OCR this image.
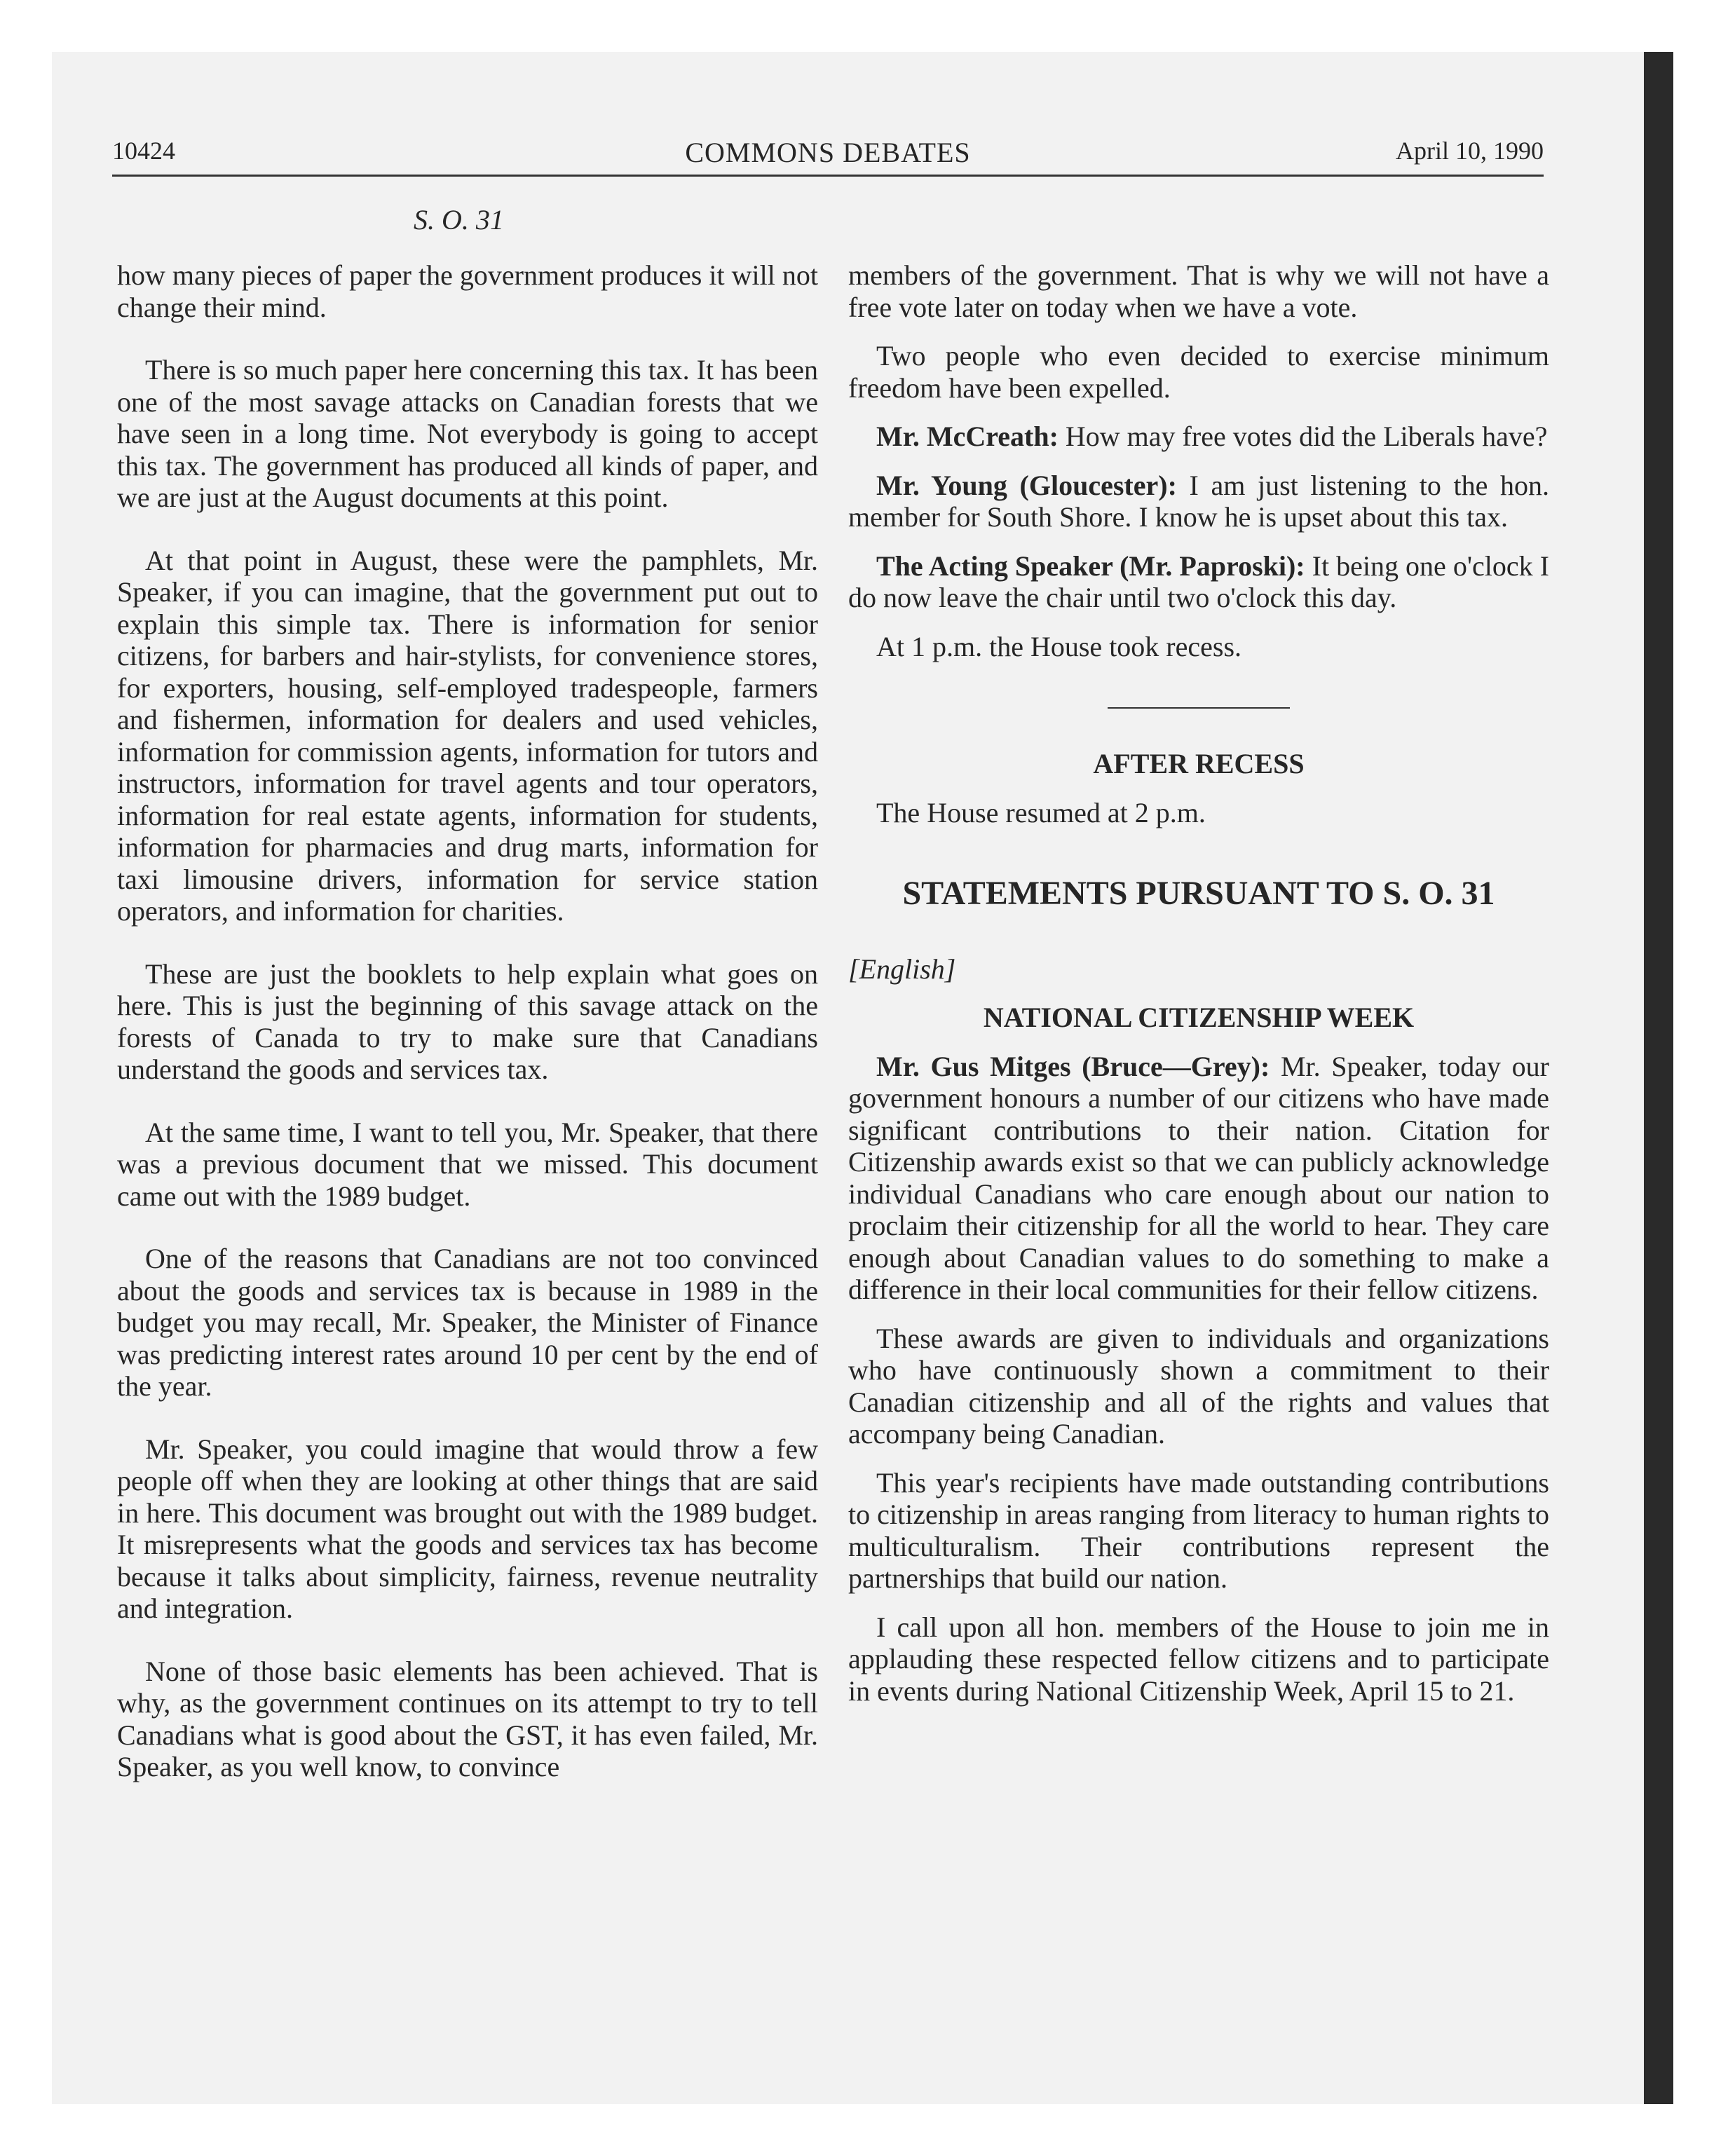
10424	COMMONS DEBATES	April 10, 1990
S. O. 31

how many pieces of paper the government produces it will not change their mind.

There is so much paper here concerning this tax. It has been one of the most savage attacks on Canadian forests that we have seen in a long time. Not everybody is going to accept this tax. The government has produced all kinds of paper, and we are just at the August documents at this point.

At that point in August, these were the pamphlets, Mr. Speaker, if you can imagine, that the government put out to explain this simple tax. There is information for senior citizens, for barbers and hair-stylists, for convenience stores, for exporters, housing, self-employed tradespeople, farmers and fishermen, information for dealers and used vehicles, information for commission agents, information for tutors and instructors, information for travel agents and tour operators, information for real estate agents, information for students, information for pharmacies and drug marts, information for taxi limousine drivers, information for service station operators, and information for charities.

These are just the booklets to help explain what goes on here. This is just the beginning of this savage attack on the forests of Canada to try to make sure that Canadians understand the goods and services tax.

At the same time, I want to tell you, Mr. Speaker, that there was a previous document that we missed. This document came out with the 1989 budget.

One of the reasons that Canadians are not too convinced about the goods and services tax is because in 1989 in the budget you may recall, Mr. Speaker, the Minister of Finance was predicting interest rates around 10 per cent by the end of the year.

Mr. Speaker, you could imagine that would throw a few people off when they are looking at other things that are said in here. This document was brought out with the 1989 budget. It misrepresents what the goods and services tax has become because it talks about simplicity, fairness, revenue neutrality and integration.

None of those basic elements has been achieved. That is why, as the government continues on its attempt to try to tell Canadians what is good about the GST, it has even failed, Mr. Speaker, as you well know, to convince

members of the government. That is why we will not have a free vote later on today when we have a vote.

Two people who even decided to exercise minimum freedom have been expelled.

Mr. McCreath: How may free votes did the Liberals have?

Mr. Young (Gloucester): I am just listening to the hon. member for South Shore. I know he is upset about this tax.

The Acting Speaker (Mr. Paproski): It being one o'clock I do now leave the chair until two o'clock this day.

At 1 p.m. the House took recess.

AFTER RECESS

The House resumed at 2 p.m.

STATEMENTS PURSUANT TO S. O. 31

[English]

NATIONAL CITIZENSHIP WEEK

Mr. Gus Mitges (Bruce—Grey): Mr. Speaker, today our government honours a number of our citizens who have made significant contributions to their nation. Citation for Citizenship awards exist so that we can publicly acknowledge individual Canadians who care enough about our nation to proclaim their citizenship for all the world to hear. They care enough about Canadian values to do something to make a difference in their local communities for their fellow citizens.

These awards are given to individuals and organizations who have continuously shown a commitment to their Canadian citizenship and all of the rights and values that accompany being Canadian.

This year's recipients have made outstanding contributions to citizenship in areas ranging from literacy to human rights to multiculturalism. Their contributions represent the partnerships that build our nation.

I call upon all hon. members of the House to join me in applauding these respected fellow citizens and to participate in events during National Citizenship Week, April 15 to 21.
